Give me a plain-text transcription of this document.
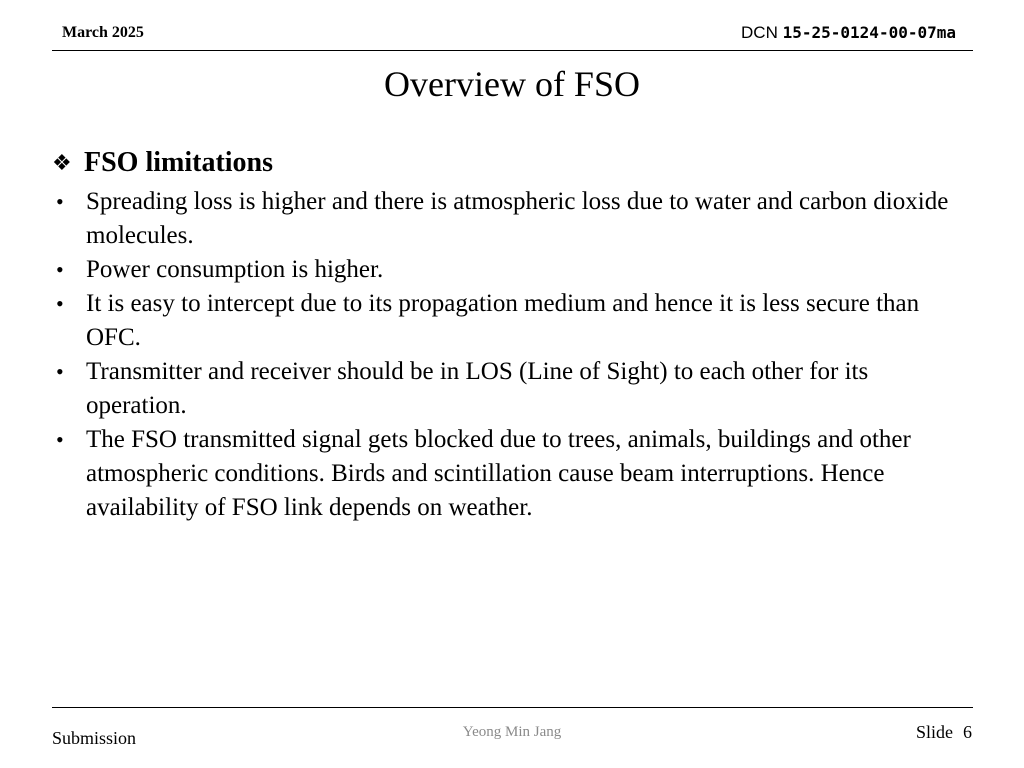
March 2025	DCN 15-25-0124-00-07ma
Overview of FSO
❖ FSO limitations
• Spreading loss is higher and there is atmospheric loss due to water and carbon dioxide molecules.
• Power consumption is higher.
• It is easy to intercept due to its propagation medium and hence it is less secure than OFC.
• Transmitter and receiver should be in LOS (Line of Sight) to each other for its operation.
• The FSO transmitted signal gets blocked due to trees, animals, buildings and other atmospheric conditions. Birds and scintillation cause beam interruptions. Hence availability of FSO link depends on weather.
Submission	Yeong Min Jang	Slide 6
